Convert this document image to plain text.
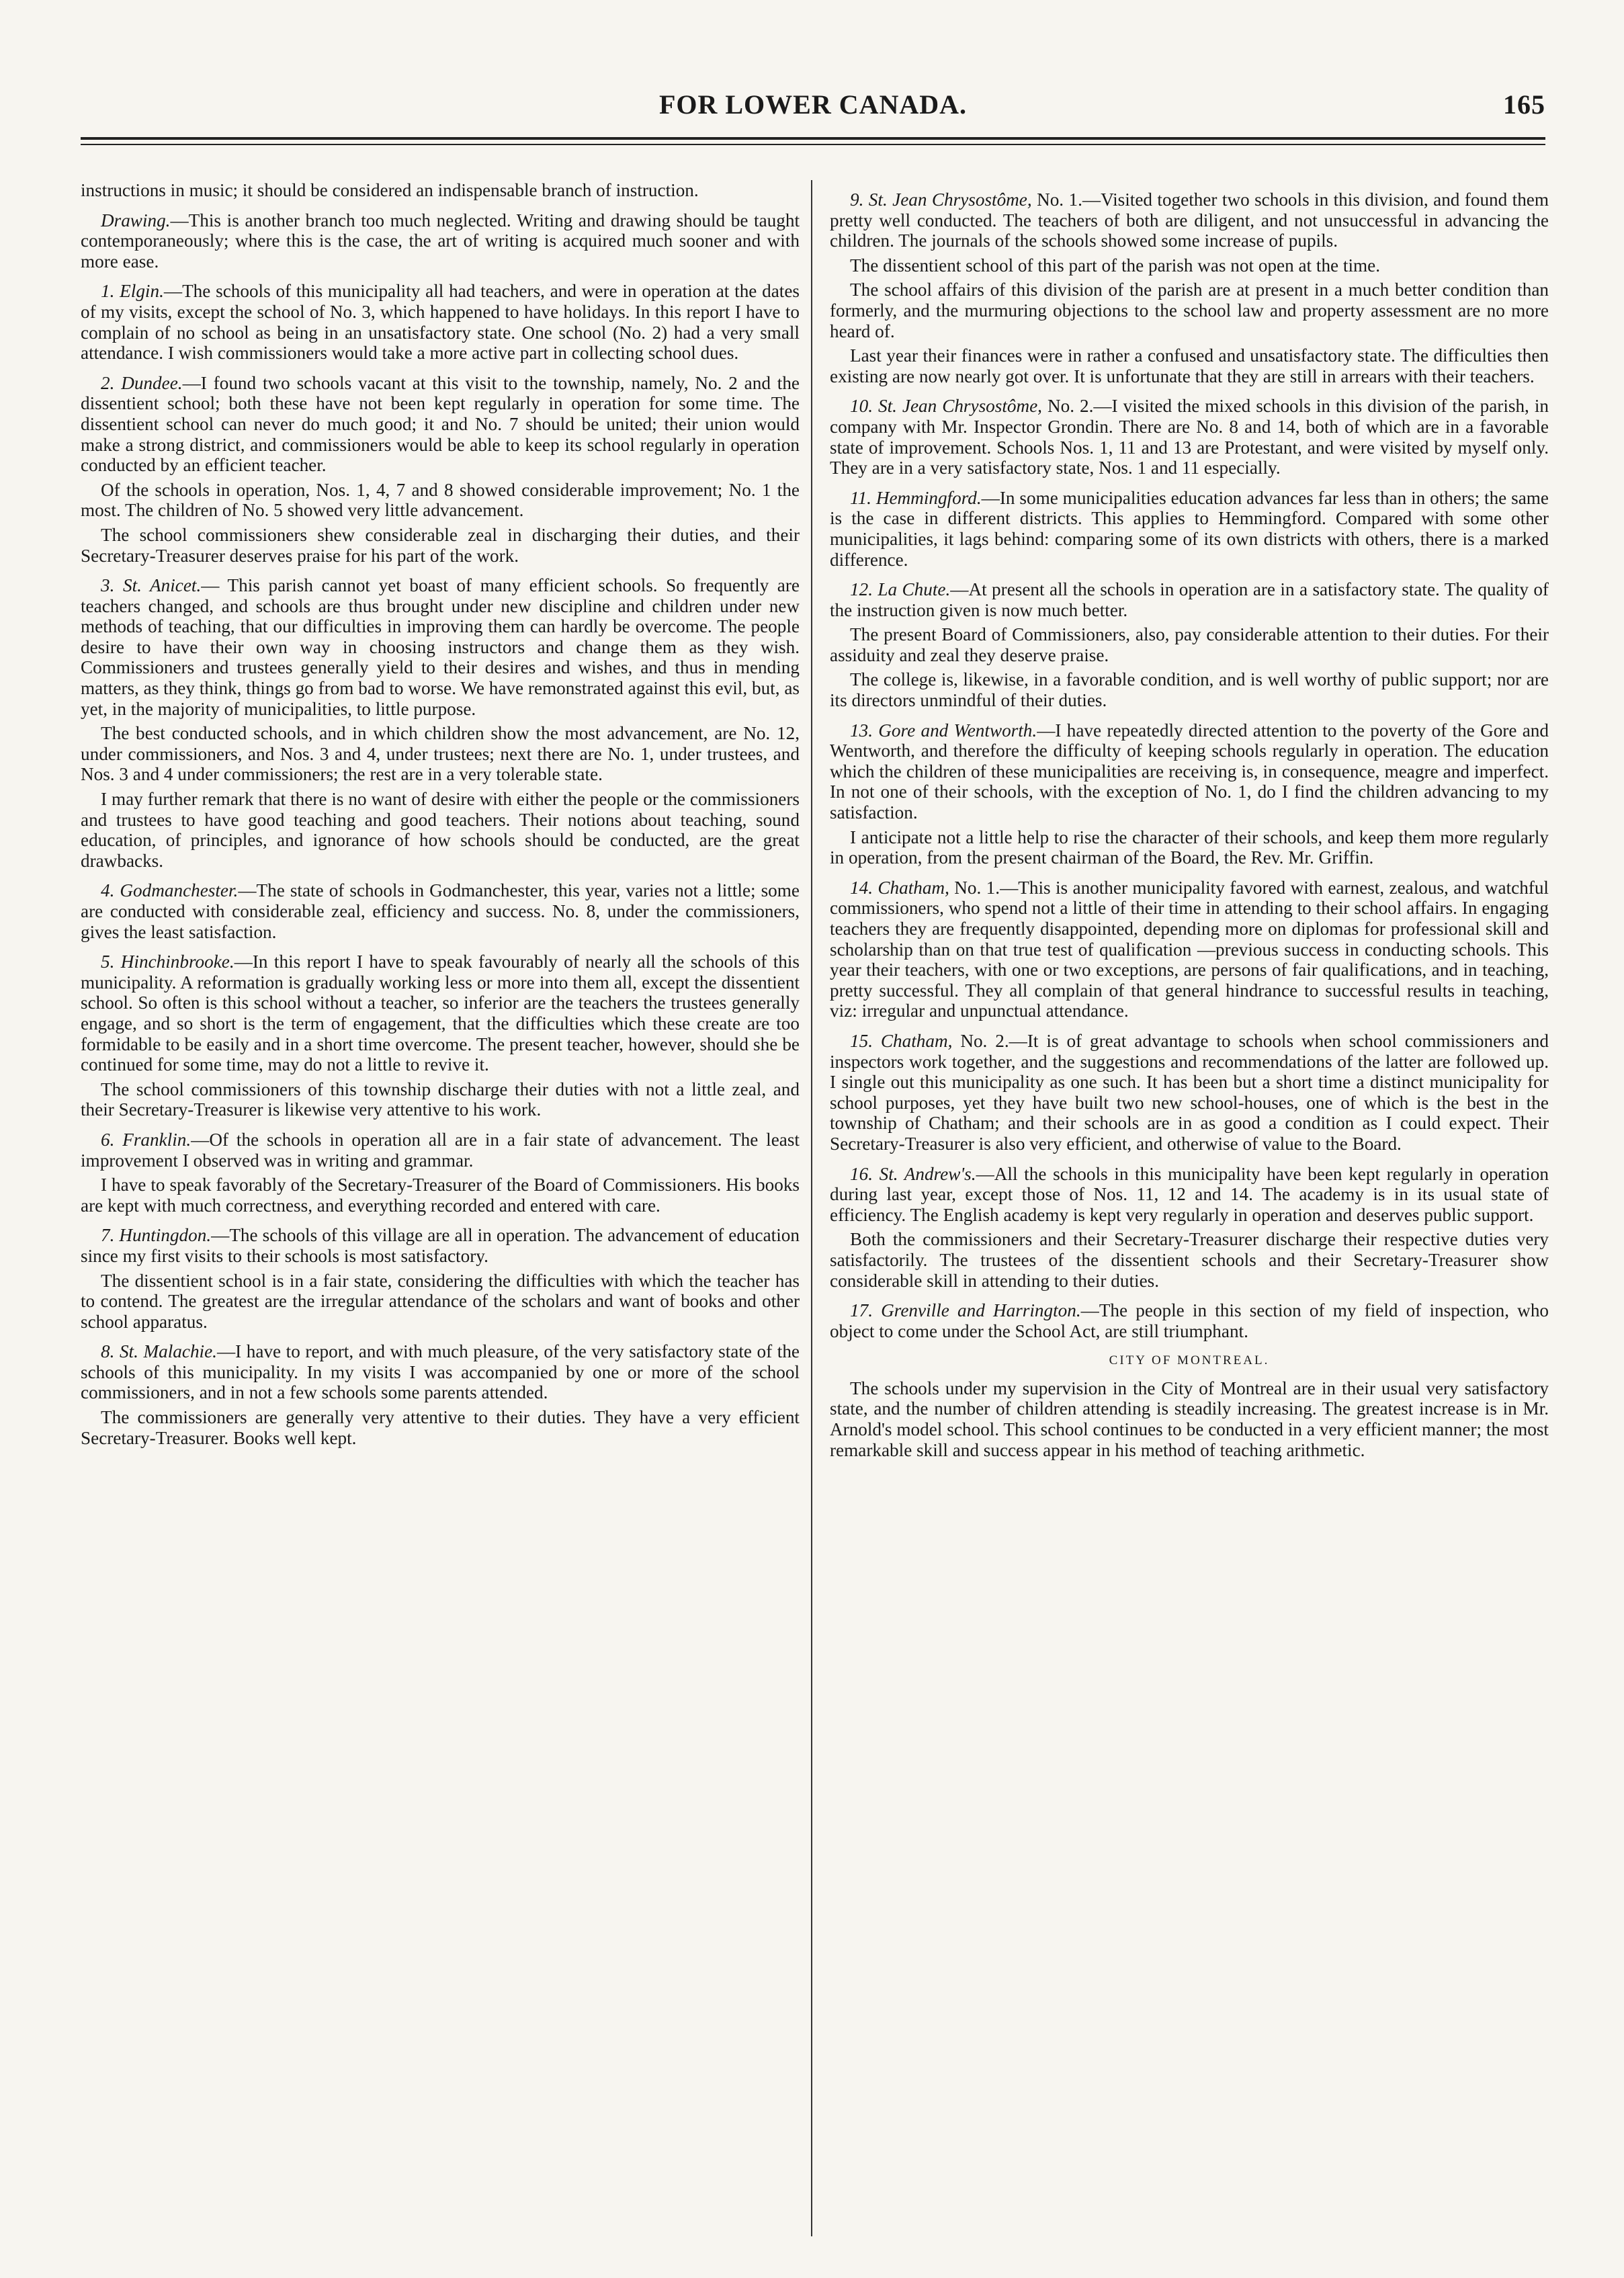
FOR LOWER CANADA.	165

instructions in music; it should be considered an indispensable branch of instruction.

Drawing.—This is another branch too much neglected. Writing and drawing should be taught contemporaneously; where this is the case, the art of writing is acquired much sooner and with more ease.

1. Elgin.—The schools of this municipality all had teachers, and were in operation at the dates of my visits, except the school of No. 3, which happened to have holidays. In this report I have to complain of no school as being in an unsatisfactory state. One school (No. 2) had a very small attendance. I wish commissioners would take a more active part in collecting school dues.

2. Dundee.—I found two schools vacant at this visit to the township, namely, No. 2 and the dissentient school; both these have not been kept regularly in operation for some time. The dissentient school can never do much good; it and No. 7 should be united; their union would make a strong district, and commissioners would be able to keep its school regularly in operation conducted by an efficient teacher.

Of the schools in operation, Nos. 1, 4, 7 and 8 showed considerable improvement; No. 1 the most. The children of No. 5 showed very little advancement.

The school commissioners shew considerable zeal in discharging their duties, and their Secretary-Treasurer deserves praise for his part of the work.

3. St. Anicet.— This parish cannot yet boast of many efficient schools. So frequently are teachers changed, and schools are thus brought under new discipline and children under new methods of teaching, that our difficulties in improving them can hardly be overcome. The people desire to have their own way in choosing instructors and change them as they wish. Commissioners and trustees generally yield to their desires and wishes, and thus in mending matters, as they think, things go from bad to worse. We have remonstrated against this evil, but, as yet, in the majority of municipalities, to little purpose.

The best conducted schools, and in which children show the most advancement, are No. 12, under commissioners, and Nos. 3 and 4, under trustees; next there are No. 1, under trustees, and Nos. 3 and 4 under commissioners; the rest are in a very tolerable state.

I may further remark that there is no want of desire with either the people or the commissioners and trustees to have good teaching and good teachers. Their notions about teaching, sound education, of principles, and ignorance of how schools should be conducted, are the great drawbacks.

4. Godmanchester.—The state of schools in Godmanchester, this year, varies not a little; some are conducted with considerable zeal, efficiency and success. No. 8, under the commissioners, gives the least satisfaction.

5. Hinchinbrooke.—In this report I have to speak favourably of nearly all the schools of this municipality. A reformation is gradually working less or more into them all, except the dissentient school. So often is this school without a teacher, so inferior are the teachers the trustees generally engage, and so short is the term of engagement, that the difficulties which these create are too formidable to be easily and in a short time overcome. The present teacher, however, should she be continued for some time, may do not a little to revive it.

The school commissioners of this township discharge their duties with not a little zeal, and their Secretary-Treasurer is likewise very attentive to his work.

6. Franklin.—Of the schools in operation all are in a fair state of advancement. The least improvement I observed was in writing and grammar.

I have to speak favorably of the Secretary-Treasurer of the Board of Commissioners. His books are kept with much correctness, and everything recorded and entered with care.

7. Huntingdon.—The schools of this village are all in operation. The advancement of education since my first visits to their schools is most satisfactory.

The dissentient school is in a fair state, considering the difficulties with which the teacher has to contend. The greatest are the irregular attendance of the scholars and want of books and other school apparatus.

8. St. Malachie.—I have to report, and with much pleasure, of the very satisfactory state of the schools of this municipality. In my visits I was accompanied by one or more of the school commissioners, and in not a few schools some parents attended.

The commissioners are generally very attentive to their duties. They have a very efficient Secretary-Treasurer. Books well kept.

9. St. Jean Chrysostôme, No. 1.—Visited together two schools in this division, and found them pretty well conducted. The teachers of both are diligent, and not unsuccessful in advancing the children. The journals of the schools showed some increase of pupils.

The dissentient school of this part of the parish was not open at the time.

The school affairs of this division of the parish are at present in a much better condition than formerly, and the murmuring objections to the school law and property assessment are no more heard of.

Last year their finances were in rather a confused and unsatisfactory state. The difficulties then existing are now nearly got over. It is unfortunate that they are still in arrears with their teachers.

10. St. Jean Chrysostôme, No. 2.—I visited the mixed schools in this division of the parish, in company with Mr. Inspector Grondin. There are No. 8 and 14, both of which are in a favorable state of improvement. Schools Nos. 1, 11 and 13 are Protestant, and were visited by myself only. They are in a very satisfactory state, Nos. 1 and 11 especially.

11. Hemmingford.—In some municipalities education advances far less than in others; the same is the case in different districts. This applies to Hemmingford. Compared with some other municipalities, it lags behind: comparing some of its own districts with others, there is a marked difference.

12. La Chute.—At present all the schools in operation are in a satisfactory state. The quality of the instruction given is now much better.

The present Board of Commissioners, also, pay considerable attention to their duties. For their assiduity and zeal they deserve praise.

The college is, likewise, in a favorable condition, and is well worthy of public support; nor are its directors unmindful of their duties.

13. Gore and Wentworth.—I have repeatedly directed attention to the poverty of the Gore and Wentworth, and therefore the difficulty of keeping schools regularly in operation. The education which the children of these municipalities are receiving is, in consequence, meagre and imperfect. In not one of their schools, with the exception of No. 1, do I find the children advancing to my satisfaction.

I anticipate not a little help to rise the character of their schools, and keep them more regularly in operation, from the present chairman of the Board, the Rev. Mr. Griffin.

14. Chatham, No. 1.—This is another municipality favored with earnest, zealous, and watchful commissioners, who spend not a little of their time in attending to their school affairs. In engaging teachers they are frequently disappointed, depending more on diplomas for professional skill and scholarship than on that true test of qualification —previous success in conducting schools. This year their teachers, with one or two exceptions, are persons of fair qualifications, and in teaching, pretty successful. They all complain of that general hindrance to successful results in teaching, viz: irregular and unpunctual attendance.

15. Chatham, No. 2.—It is of great advantage to schools when school commissioners and inspectors work together, and the suggestions and recommendations of the latter are followed up. I single out this municipality as one such. It has been but a short time a distinct municipality for school purposes, yet they have built two new school-houses, one of which is the best in the township of Chatham; and their schools are in as good a condition as I could expect. Their Secretary-Treasurer is also very efficient, and otherwise of value to the Board.

16. St. Andrew's.—All the schools in this municipality have been kept regularly in operation during last year, except those of Nos. 11, 12 and 14. The academy is in its usual state of efficiency. The English academy is kept very regularly in operation and deserves public support.

Both the commissioners and their Secretary-Treasurer discharge their respective duties very satisfactorily. The trustees of the dissentient schools and their Secretary-Treasurer show considerable skill in attending to their duties.

17. Grenville and Harrington.—The people in this section of my field of inspection, who object to come under the School Act, are still triumphant.

CITY OF MONTREAL.

The schools under my supervision in the City of Montreal are in their usual very satisfactory state, and the number of children attending is steadily increasing. The greatest increase is in Mr. Arnold's model school. This school continues to be conducted in a very efficient manner; the most remarkable skill and success appear in his method of teaching arithmetic.
